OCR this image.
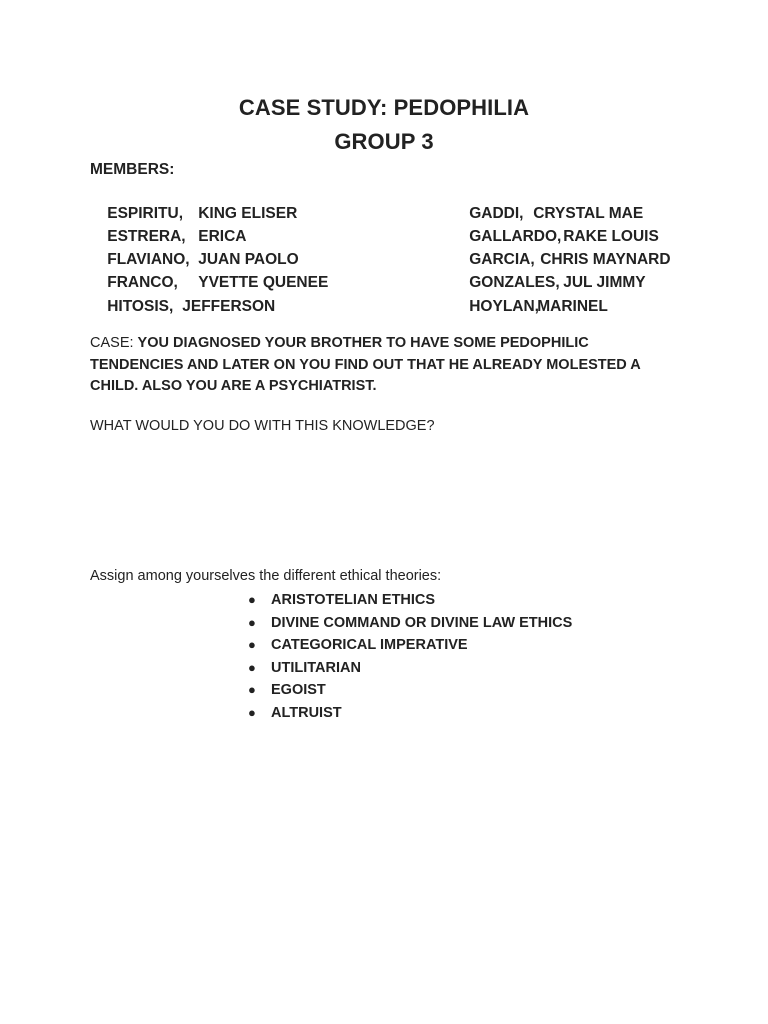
CASE STUDY: PEDOPHILIA
GROUP 3
MEMBERS:

ESPIRITU, KING ELISER

ESTRERA, ERICA

FLAVIANO, JUAN PAOLO

FRANCO, YVETTE QUENEE

HITOSIS, JEFFERSON

GADDI, CRYSTAL MAE

GALLARDO, RAKE LOUIS

GARCIA, CHRIS MAYNARD

GONZALES, JUL JIMMY

HOYLAN,MARINEL

CASE: YOU DIAGNOSED YOUR BROTHER TO HAVE SOME PEDOPHILIC TENDENCIES AND LATER ON YOU FIND OUT THAT HE ALREADY MOLESTED A CHILD. ALSO YOU ARE A PSYCHIATRIST.
WHAT WOULD YOU DO WITH THIS KNOWLEDGE?
Assign among yourselves the different ethical theories:
● ARISTOTELIAN ETHICS
● DIVINE COMMAND OR DIVINE LAW ETHICS
● CATEGORICAL IMPERATIVE
● UTILITARIAN
● EGOIST
● ALTRUIST
